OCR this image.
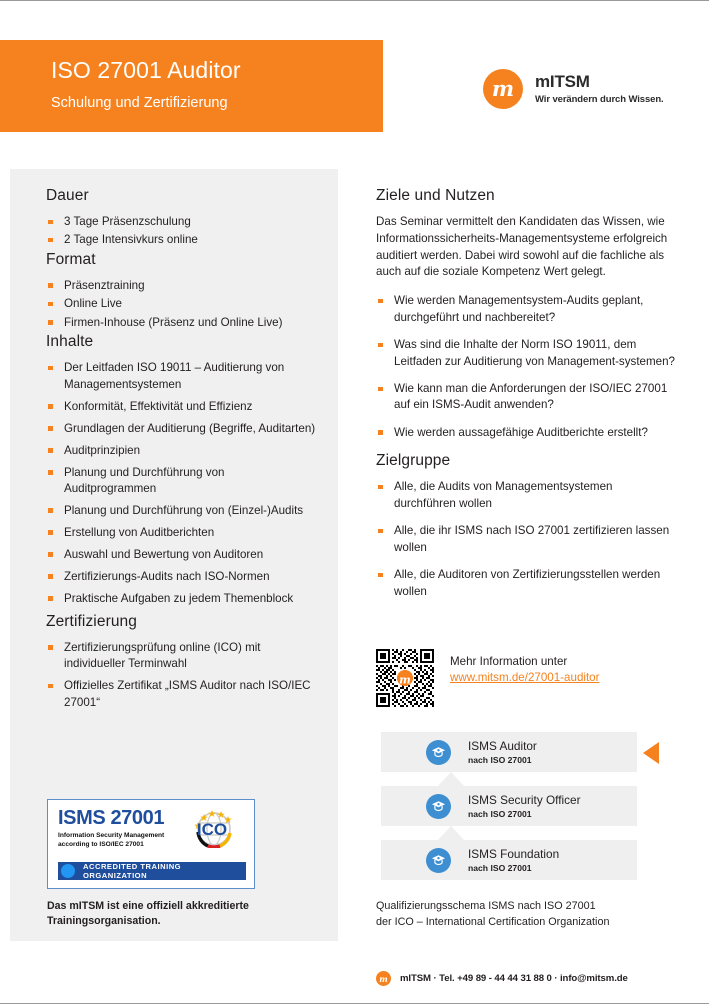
ISO 27001 Auditor
Schulung und Zertifizierung
m mITSM
Wir verändern durch Wissen.
Dauer
3 Tage Präsenzschulung
2 Tage Intensivkurs online
Format
Präsenztraining
Online Live
Firmen-Inhouse (Präsenz und Online Live)
Inhalte
Der Leitfaden ISO 19011 – Auditierung von Managementsystemen
Konformität, Effektivität und Effizienz
Grundlagen der Auditierung (Begriffe, Auditarten)
Auditprinzipien
Planung und Durchführung von Auditprogrammen
Planung und Durchführung von (Einzel-)Audits
Erstellung von Auditberichten
Auswahl und Bewertung von Auditoren
Zertifizierungs-Audits nach ISO-Normen
Praktische Aufgaben zu jedem Themenblock
Zertifizierung
Zertifizierungsprüfung online (ICO) mit individueller Terminwahl
Offizielles Zertifikat „ISMS Auditor nach ISO/IEC 27001“
ISMS 27001
Information Security Management
according to ISO/IEC 27001
ICO
ACCREDITED TRAINING ORGANIZATION
Das mITSM ist eine offiziell akkreditierte Trainingsorganisation.
Ziele und Nutzen

Das Seminar vermittelt den Kandidaten das Wissen, wie Informationssicherheits-Managementsysteme erfolgreich auditiert werden. Dabei wird sowohl auf die fachliche als auch auf die soziale Kompetenz Wert gelegt.

Wie werden Managementsystem-Audits geplant, durchgeführt und nachbereitet?
Was sind die Inhalte der Norm ISO 19011, dem Leitfaden zur Auditierung von Management-systemen?
Wie kann man die Anforderungen der ISO/IEC 27001 auf ein ISMS-Audit anwenden?
Wie werden aussagefähige Auditberichte erstellt?
Zielgruppe
Alle, die Audits von Managementsystemen durchführen wollen
Alle, die ihr ISMS nach ISO 27001 zertifizieren lassen wollen
Alle, die Auditoren von Zertifizierungsstellen werden wollen
m
Mehr Information unter
www.mitsm.de/27001-auditor
ISMS Auditor
nach ISO 27001
ISMS Security Officer
nach ISO 27001
ISMS Foundation
nach ISO 27001
Qualifizierungsschema ISMS nach ISO 27001
der ICO – International Certification Organization
m mITSM · Tel. +49 89 - 44 44 31 88 0 · info@mitsm.de
